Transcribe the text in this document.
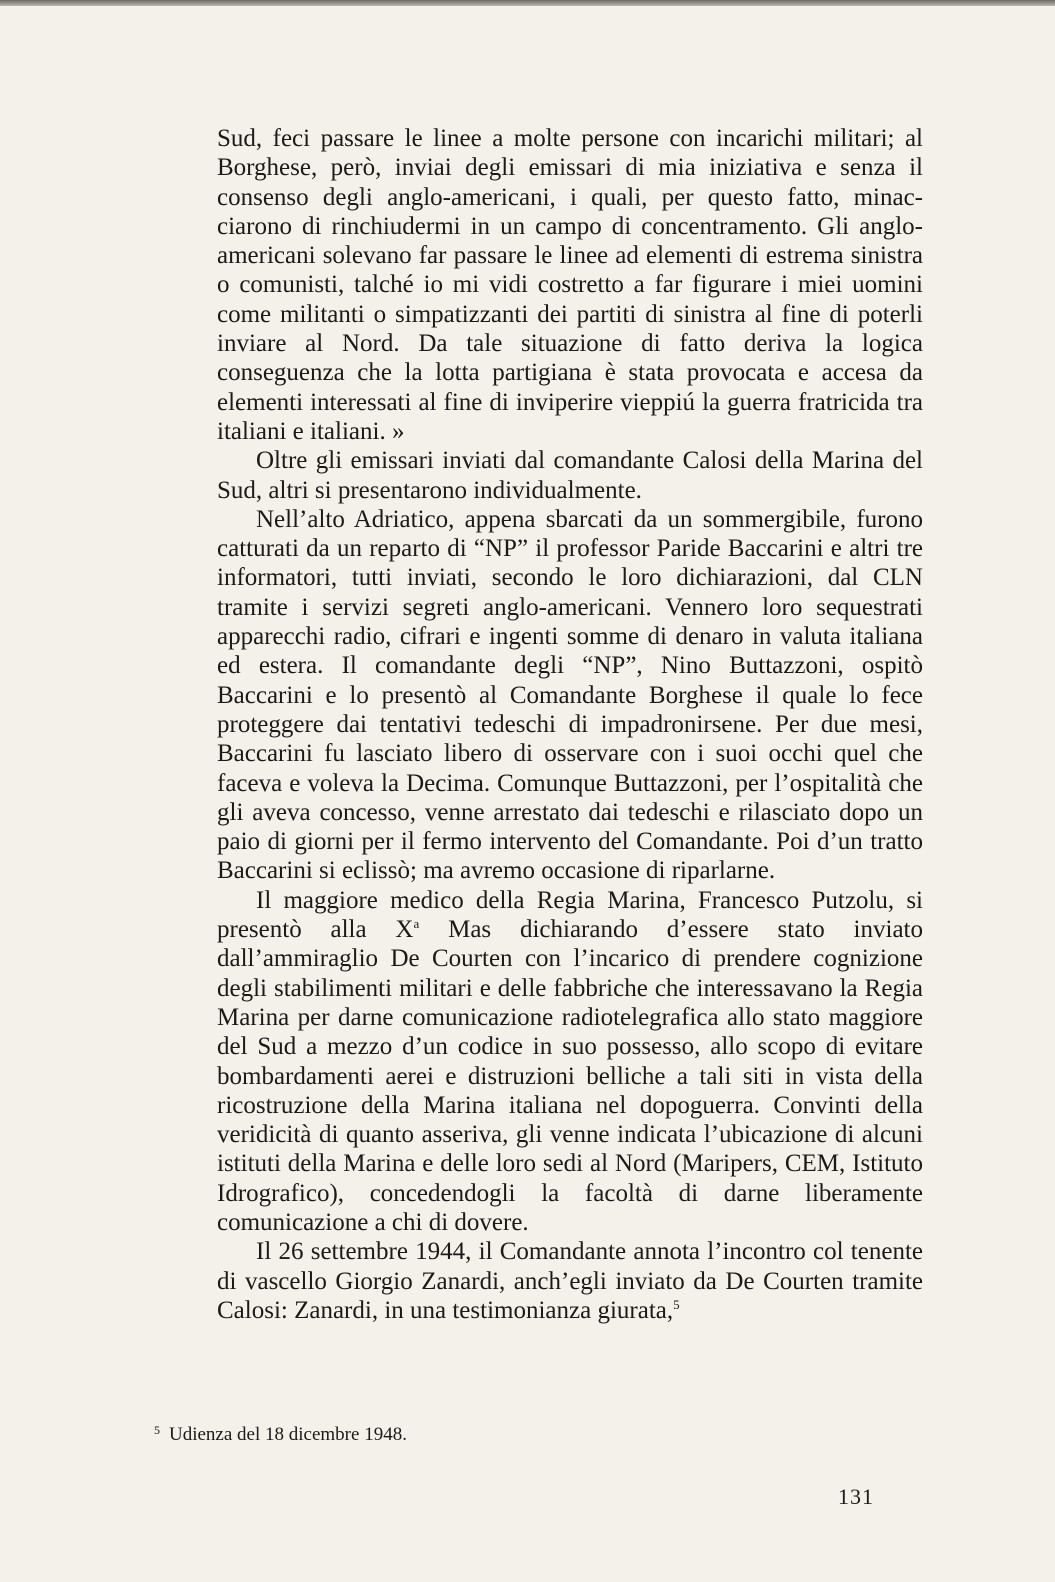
Sud, feci passare le linee a molte persone con incarichi militari; al Borghese, però, inviai degli emissari di mia iniziativa e senza il consenso degli anglo-americani, i quali, per questo fatto, minacciarono di rinchiudermi in un campo di concentramento. Gli anglo-americani solevano far passare le linee ad elementi di estrema sinistra o comunisti, talché io mi vidi costretto a far figurare i miei uomini come militanti o simpatizzanti dei partiti di sinistra al fine di poterli inviare al Nord. Da tale situazione di fatto deriva la logica conseguenza che la lotta partigiana è stata provocata e accesa da elementi interessati al fine di inviperire vieppiú la guerra fratricida tra italiani e italiani. »

Oltre gli emissari inviati dal comandante Calosi della Marina del Sud, altri si presentarono individualmente.

Nell’alto Adriatico, appena sbarcati da un sommergibile, furono catturati da un reparto di “NP” il professor Paride Baccarini e altri tre informatori, tutti inviati, secondo le loro dichiarazioni, dal CLN tramite i servizi segreti anglo-americani. Vennero loro sequestrati apparecchi radio, cifrari e ingenti somme di denaro in valuta italiana ed estera. Il comandante degli “NP”, Nino Buttazzoni, ospitò Baccarini e lo presentò al Comandante Borghese il quale lo fece proteggere dai tentativi tedeschi di impadronirsene. Per due mesi, Baccarini fu lasciato libero di osservare con i suoi occhi quel che faceva e voleva la Decima. Comunque Buttazzoni, per l’ospitalità che gli aveva concesso, venne arrestato dai tedeschi e rilasciato dopo un paio di giorni per il fermo intervento del Comandante. Poi d’un tratto Baccarini si eclissò; ma avremo occasione di riparlarne.

Il maggiore medico della Regia Marina, Francesco Putzolu, si presentò alla $X^a$ Mas dichiarando d’essere stato inviato dall’ammiraglio De Courten con l’incarico di prendere cognizione degli stabilimenti militari e delle fabbriche che interessavano la Regia Marina per darne comunicazione radiotelegrafica allo stato maggiore del Sud a mezzo d’un codice in suo possesso, allo scopo di evitare bombardamenti aerei e distruzioni belliche a tali siti in vista della ricostruzione della Marina italiana nel dopoguerra. Convinti della veridicità di quanto asseriva, gli venne indicata l’ubicazione di alcuni istituti della Marina e delle loro sedi al Nord (Maripers, CEM, Istituto Idrografico), concedendogli la facoltà di darne liberamente comunicazione a chi di dovere.

Il 26 settembre 1944, il Comandante annota l’incontro col tenente di vascello Giorgio Zanardi, anch’egli inviato da De Courten tramite Calosi: Zanardi, in una testimonianza giurata,$^5$

$^5$ Udienza del 18 dicembre 1948.
131
